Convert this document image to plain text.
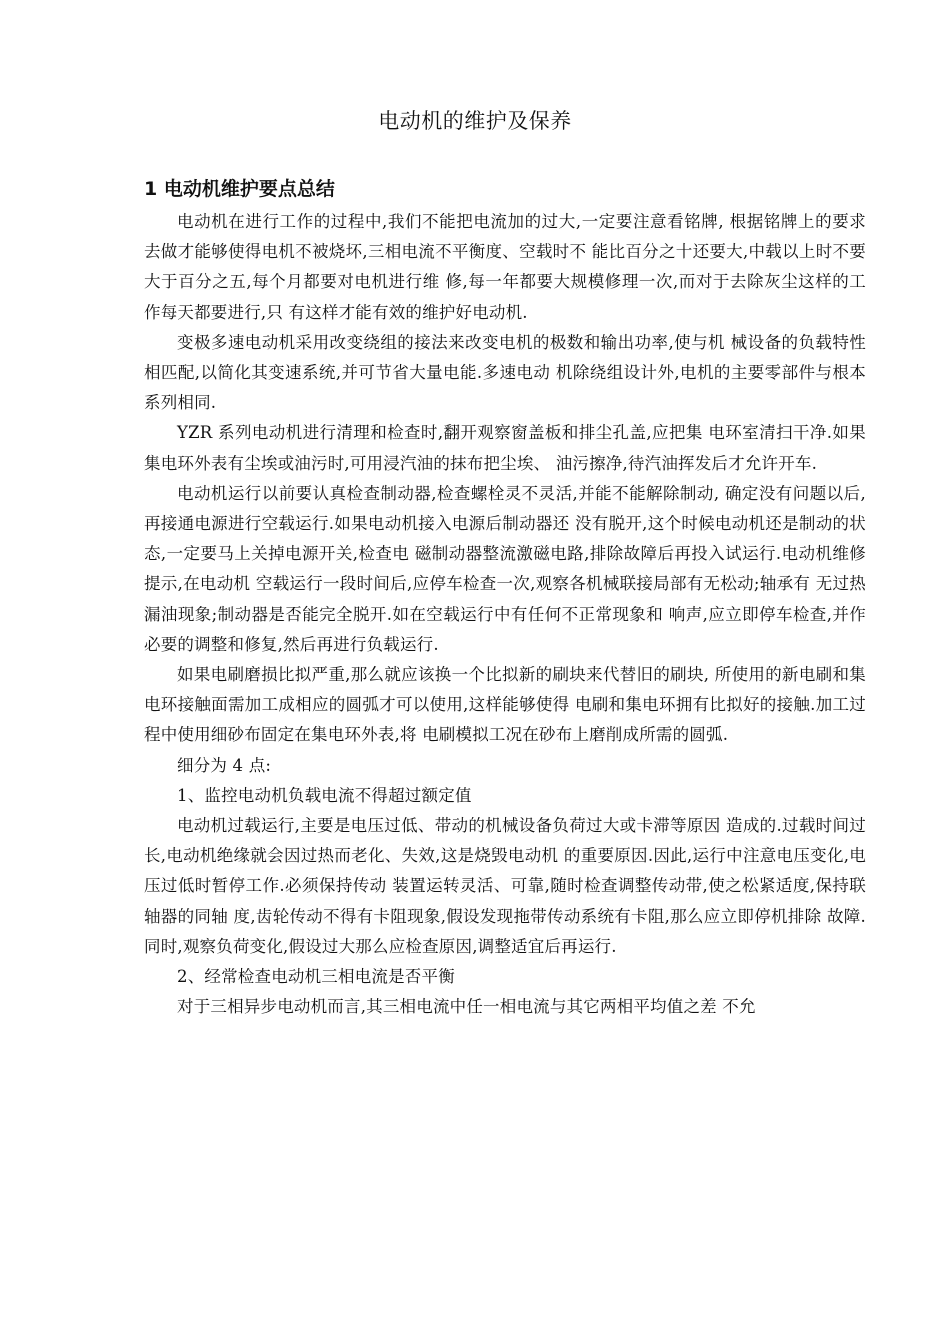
电动机的维护及保养
1 电动机维护要点总结

电动机在进行工作的过程中,我们不能把电流加的过大,一定要注意看铭牌, 根据铭牌上的要求去做才能够使得电机不被烧坏,三相电流不平衡度、空载时不 能比百分之十还要大,中载以上时不要大于百分之五,每个月都要对电机进行维 修,每一年都要大规模修理一次,而对于去除灰尘这样的工作每天都要进行,只 有这样才能有效的维护好电动机.

变极多速电动机采用改变绕组的接法来改变电机的极数和输出功率,使与机 械设备的负载特性相匹配,以简化其变速系统,并可节省大量电能.多速电动 机除绕组设计外,电机的主要零部件与根本系列相同.

YZR 系列电动机进行清理和检查时,翻开观察窗盖板和排尘孔盖,应把集 电环室清扫干净.如果集电环外表有尘埃或油污时,可用浸汽油的抹布把尘埃、 油污擦净,待汽油挥发后才允许开车.

电动机运行以前要认真检查制动器,检查螺栓灵不灵活,并能不能解除制动, 确定没有问题以后,再接通电源进行空载运行.如果电动机接入电源后制动器还 没有脱开,这个时候电动机还是制动的状态,一定要马上关掉电源开关,检查电 磁制动器整流激磁电路,排除故障后再投入试运行.电动机维修提示,在电动机 空载运行一段时间后,应停车检查一次,观察各机械联接局部有无松动;轴承有 无过热漏油现象;制动器是否能完全脱开.如在空载运行中有任何不正常现象和 响声,应立即停车检查,并作必要的调整和修复,然后再进行负载运行.

如果电刷磨损比拟严重,那么就应该换一个比拟新的刷块来代替旧的刷块, 所使用的新电刷和集电环接触面需加工成相应的圆弧才可以使用,这样能够使得 电刷和集电环拥有比拟好的接触.加工过程中使用细砂布固定在集电环外表,将 电刷模拟工况在砂布上磨削成所需的圆弧.

细分为 4 点:

1、监控电动机负载电流不得超过额定值

电动机过载运行,主要是电压过低、带动的机械设备负荷过大或卡滞等原因 造成的.过载时间过长,电动机绝缘就会因过热而老化、失效,这是烧毁电动机 的重要原因.因此,运行中注意电压变化,电压过低时暂停工作.必须保持传动 装置运转灵活、可靠,随时检查调整传动带,使之松紧适度,保持联轴器的同轴 度,齿轮传动不得有卡阻现象,假设发现拖带传动系统有卡阻,那么应立即停机排除 故障.同时,观察负荷变化,假设过大那么应检查原因,调整适宜后再运行.

2、经常检查电动机三相电流是否平衡

对于三相异步电动机而言,其三相电流中任一相电流与其它两相平均值之差 不允
